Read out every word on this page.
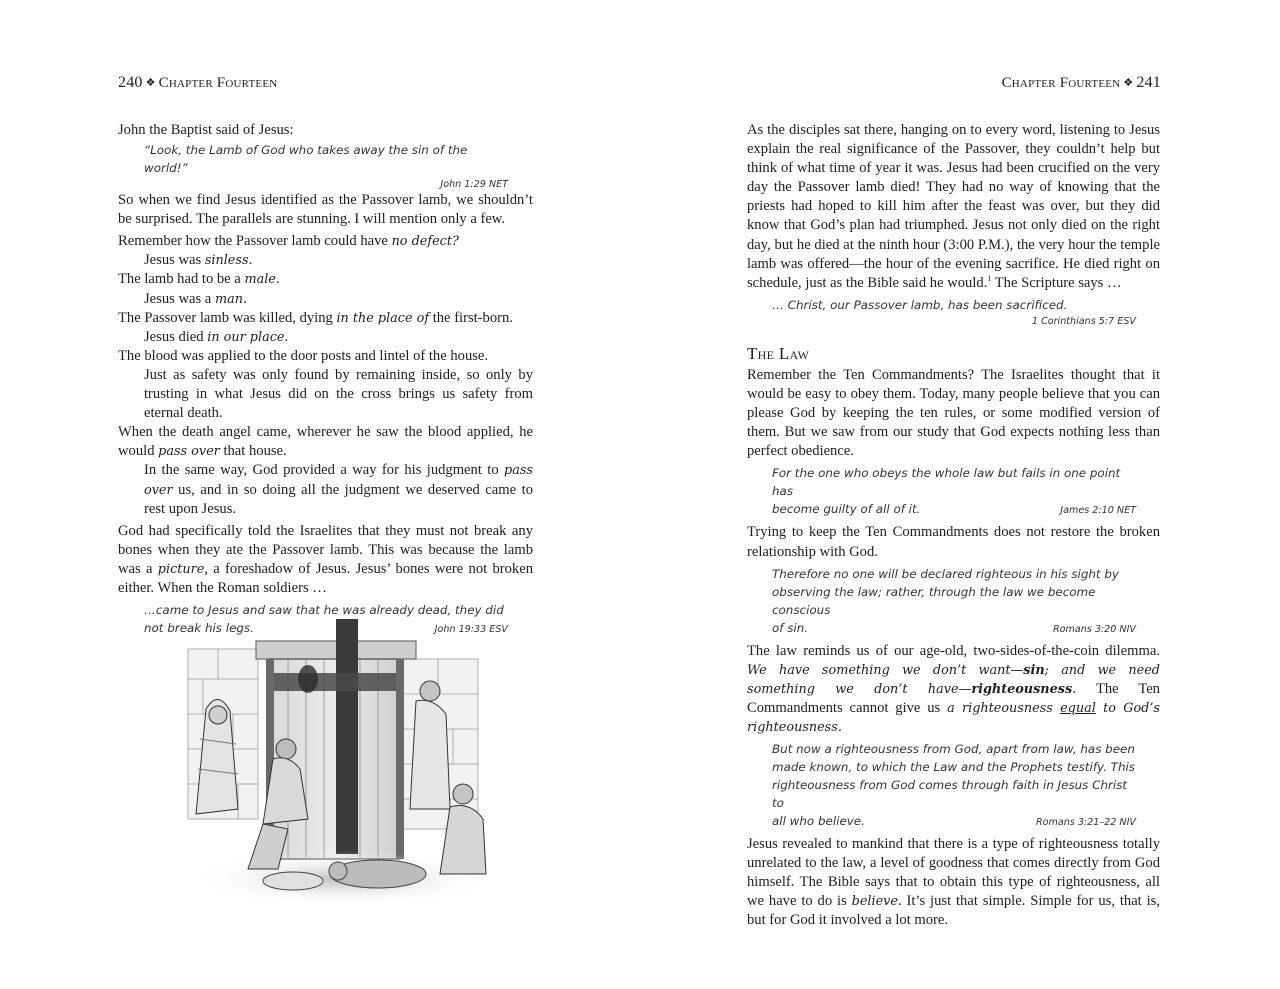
240 ❖ Chapter Fourteen

John the Baptist said of Jesus:

“Look, the Lamb of God who takes away the sin of the world!”
John 1:29 NET

So when we find Jesus identified as the Passover lamb, we shouldn’t be surprised. The parallels are stunning. I will mention only a few.

Remember how the Passover lamb could have no defect?

Jesus was sinless.

The lamb had to be a male.

Jesus was a man.

The Passover lamb was killed, dying in the place of the first-born.

Jesus died in our place.

The blood was applied to the door posts and lintel of the house.

Just as safety was only found by remaining inside, so only by trusting in what Jesus did on the cross brings us safety from eternal death.

When the death angel came, wherever he saw the blood applied, he would pass over that house.

In the same way, God provided a way for his judgment to pass over us, and in so doing all the judgment we deserved came to rest upon Jesus.

God had specifically told the Israelites that they must not break any bones when they ate the Passover lamb. This was because the lamb was a picture, a foreshadow of Jesus. Jesus’ bones were not broken either. When the Roman soldiers …

…came to Jesus and saw that he was already dead, they did
not break his legs.	John 19:33 ESV
Chapter Fourteen ❖ 241

As the disciples sat there, hanging on to every word, listening to Jesus explain the real significance of the Passover, they couldn’t help but think of what time of year it was. Jesus had been crucified on the very day the Passover lamb died! They had no way of knowing that the priests had hoped to kill him after the feast was over, but they did know that God’s plan had triumphed. Jesus not only died on the right day, but he died at the ninth hour (3:00 P.M.), the very hour the temple lamb was offered—the hour of the evening sacrifice. He died right on schedule, just as the Bible said he would.$^1$ The Scripture says …

… Christ, our Passover lamb, has been sacrificed.
1 Corinthians 5:7 ESV
The Law

Remember the Ten Commandments? The Israelites thought that it would be easy to obey them. Today, many people believe that you can please God by keeping the ten rules, or some modified version of them. But we saw from our study that God expects nothing less than perfect obedience.

For the one who obeys the whole law but fails in one point has
become guilty of all of it.	James 2:10 NET

Trying to keep the Ten Commandments does not restore the broken relationship with God.

Therefore no one will be declared righteous in his sight by
observing the law; rather, through the law we become conscious
of sin.	Romans 3:20 NIV

The law reminds us of our age-old, two-sides-of-the-coin dilemma. We have something we don’t want—sin; and we need something we don’t have—righteousness. The Ten Commandments cannot give us a righteousness equal to God’s righteousness.

But now a righteousness from God, apart from law, has been
made known, to which the Law and the Prophets testify. This
righteousness from God comes through faith in Jesus Christ to
all who believe.	Romans 3:21–22 NIV

Jesus revealed to mankind that there is a type of righteousness totally unrelated to the law, a level of goodness that comes directly from God himself. The Bible says that to obtain this type of righteousness, all we have to do is believe. It’s just that simple. Simple for us, that is, but for God it involved a lot more.
